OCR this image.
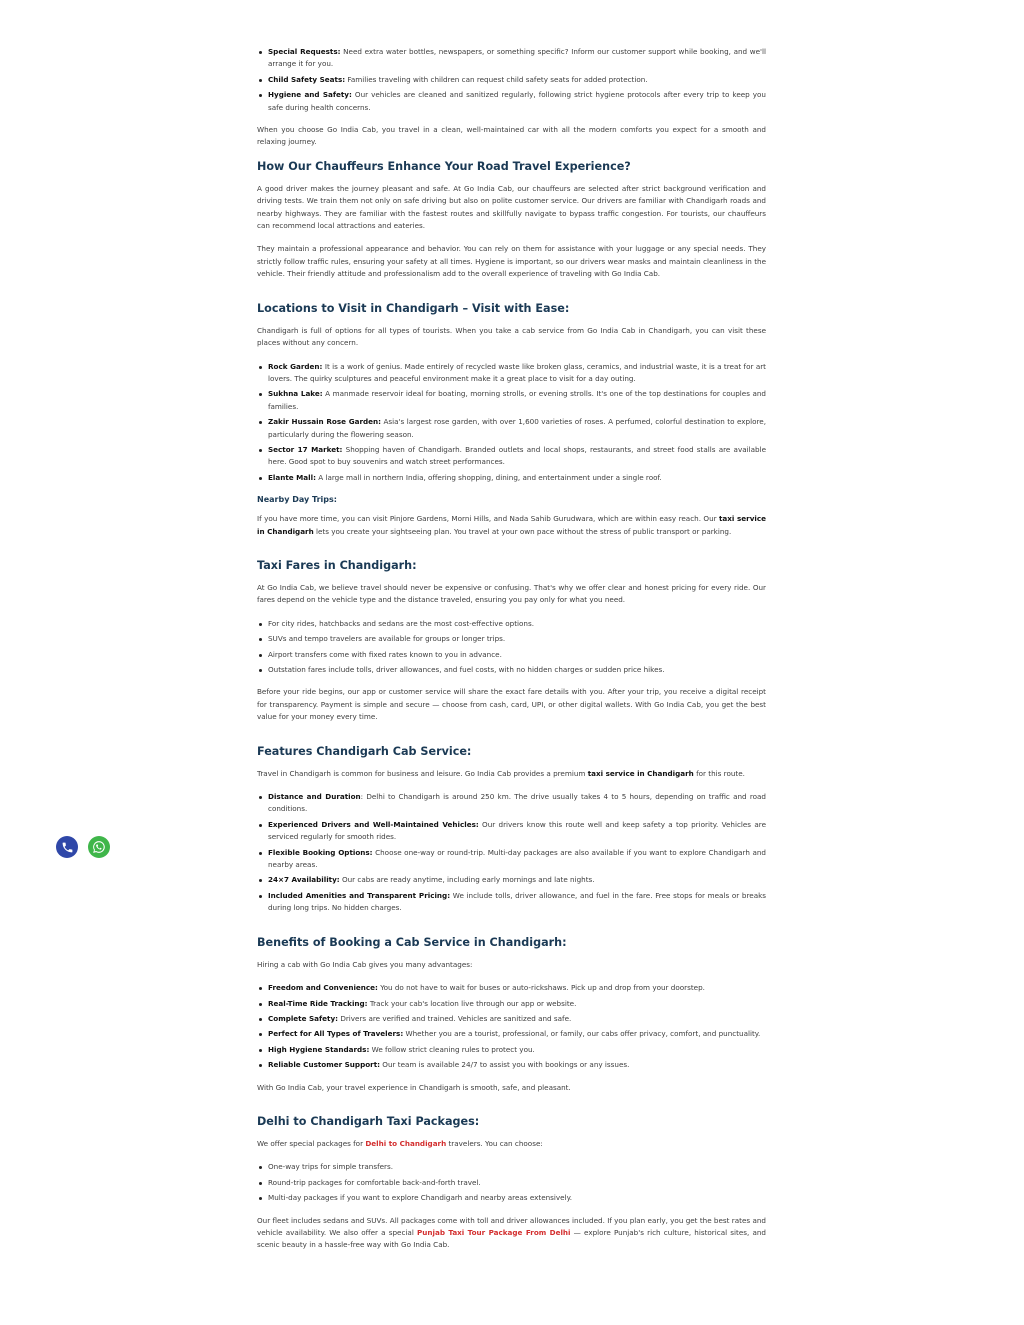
Special Requests: Need extra water bottles, newspapers, or something specific? Inform our customer support while booking, and we'll arrange it for you.
Child Safety Seats: Families traveling with children can request child safety seats for added protection.
Hygiene and Safety: Our vehicles are cleaned and sanitized regularly, following strict hygiene protocols after every trip to keep you safe during health concerns.

When you choose Go India Cab, you travel in a clean, well-maintained car with all the modern comforts you expect for a smooth and relaxing journey.

How Our Chauffeurs Enhance Your Road Travel Experience?

A good driver makes the journey pleasant and safe. At Go India Cab, our chauffeurs are selected after strict background verification and driving tests. We train them not only on safe driving but also on polite customer service. Our drivers are familiar with Chandigarh roads and nearby highways. They are familiar with the fastest routes and skillfully navigate to bypass traffic congestion. For tourists, our chauffeurs can recommend local attractions and eateries.

They maintain a professional appearance and behavior. You can rely on them for assistance with your luggage or any special needs. They strictly follow traffic rules, ensuring your safety at all times. Hygiene is important, so our drivers wear masks and maintain cleanliness in the vehicle. Their friendly attitude and professionalism add to the overall experience of traveling with Go India Cab.

Locations to Visit in Chandigarh – Visit with Ease:

Chandigarh is full of options for all types of tourists. When you take a cab service from Go India Cab in Chandigarh, you can visit these places without any concern.

Rock Garden: It is a work of genius. Made entirely of recycled waste like broken glass, ceramics, and industrial waste, it is a treat for art lovers. The quirky sculptures and peaceful environment make it a great place to visit for a day outing.
Sukhna Lake: A manmade reservoir ideal for boating, morning strolls, or evening strolls. It's one of the top destinations for couples and families.
Zakir Hussain Rose Garden: Asia's largest rose garden, with over 1,600 varieties of roses. A perfumed, colorful destination to explore, particularly during the flowering season.
Sector 17 Market: Shopping haven of Chandigarh. Branded outlets and local shops, restaurants, and street food stalls are available here. Good spot to buy souvenirs and watch street performances.
Elante Mall: A large mall in northern India, offering shopping, dining, and entertainment under a single roof.
Nearby Day Trips:

If you have more time, you can visit Pinjore Gardens, Morni Hills, and Nada Sahib Gurudwara, which are within easy reach. Our taxi service in Chandigarh lets you create your sightseeing plan. You travel at your own pace without the stress of public transport or parking.

Taxi Fares in Chandigarh:

At Go India Cab, we believe travel should never be expensive or confusing. That's why we offer clear and honest pricing for every ride. Our fares depend on the vehicle type and the distance traveled, ensuring you pay only for what you need.

For city rides, hatchbacks and sedans are the most cost-effective options.
SUVs and tempo travelers are available for groups or longer trips.
Airport transfers come with fixed rates known to you in advance.
Outstation fares include tolls, driver allowances, and fuel costs, with no hidden charges or sudden price hikes.

Before your ride begins, our app or customer service will share the exact fare details with you. After your trip, you receive a digital receipt for transparency. Payment is simple and secure — choose from cash, card, UPI, or other digital wallets. With Go India Cab, you get the best value for your money every time.

Features Chandigarh Cab Service:

Travel in Chandigarh is common for business and leisure. Go India Cab provides a premium taxi service in Chandigarh for this route.

Distance and Duration: Delhi to Chandigarh is around 250 km. The drive usually takes 4 to 5 hours, depending on traffic and road conditions.
Experienced Drivers and Well-Maintained Vehicles: Our drivers know this route well and keep safety a top priority. Vehicles are serviced regularly for smooth rides.
Flexible Booking Options: Choose one-way or round-trip. Multi-day packages are also available if you want to explore Chandigarh and nearby areas.
24×7 Availability: Our cabs are ready anytime, including early mornings and late nights.
Included Amenities and Transparent Pricing: We include tolls, driver allowance, and fuel in the fare. Free stops for meals or breaks during long trips. No hidden charges.
Benefits of Booking a Cab Service in Chandigarh:

Hiring a cab with Go India Cab gives you many advantages:

Freedom and Convenience: You do not have to wait for buses or auto-rickshaws. Pick up and drop from your doorstep.
Real-Time Ride Tracking: Track your cab's location live through our app or website.
Complete Safety: Drivers are verified and trained. Vehicles are sanitized and safe.
Perfect for All Types of Travelers: Whether you are a tourist, professional, or family, our cabs offer privacy, comfort, and punctuality.
High Hygiene Standards: We follow strict cleaning rules to protect you.
Reliable Customer Support: Our team is available 24/7 to assist you with bookings or any issues.

With Go India Cab, your travel experience in Chandigarh is smooth, safe, and pleasant.

Delhi to Chandigarh Taxi Packages:

We offer special packages for Delhi to Chandigarh travelers. You can choose:

One-way trips for simple transfers.
Round-trip packages for comfortable back-and-forth travel.
Multi-day packages if you want to explore Chandigarh and nearby areas extensively.

Our fleet includes sedans and SUVs. All packages come with toll and driver allowances included. If you plan early, you get the best rates and vehicle availability. We also offer a special Punjab Taxi Tour Package From Delhi — explore Punjab's rich culture, historical sites, and scenic beauty in a hassle-free way with Go India Cab.
